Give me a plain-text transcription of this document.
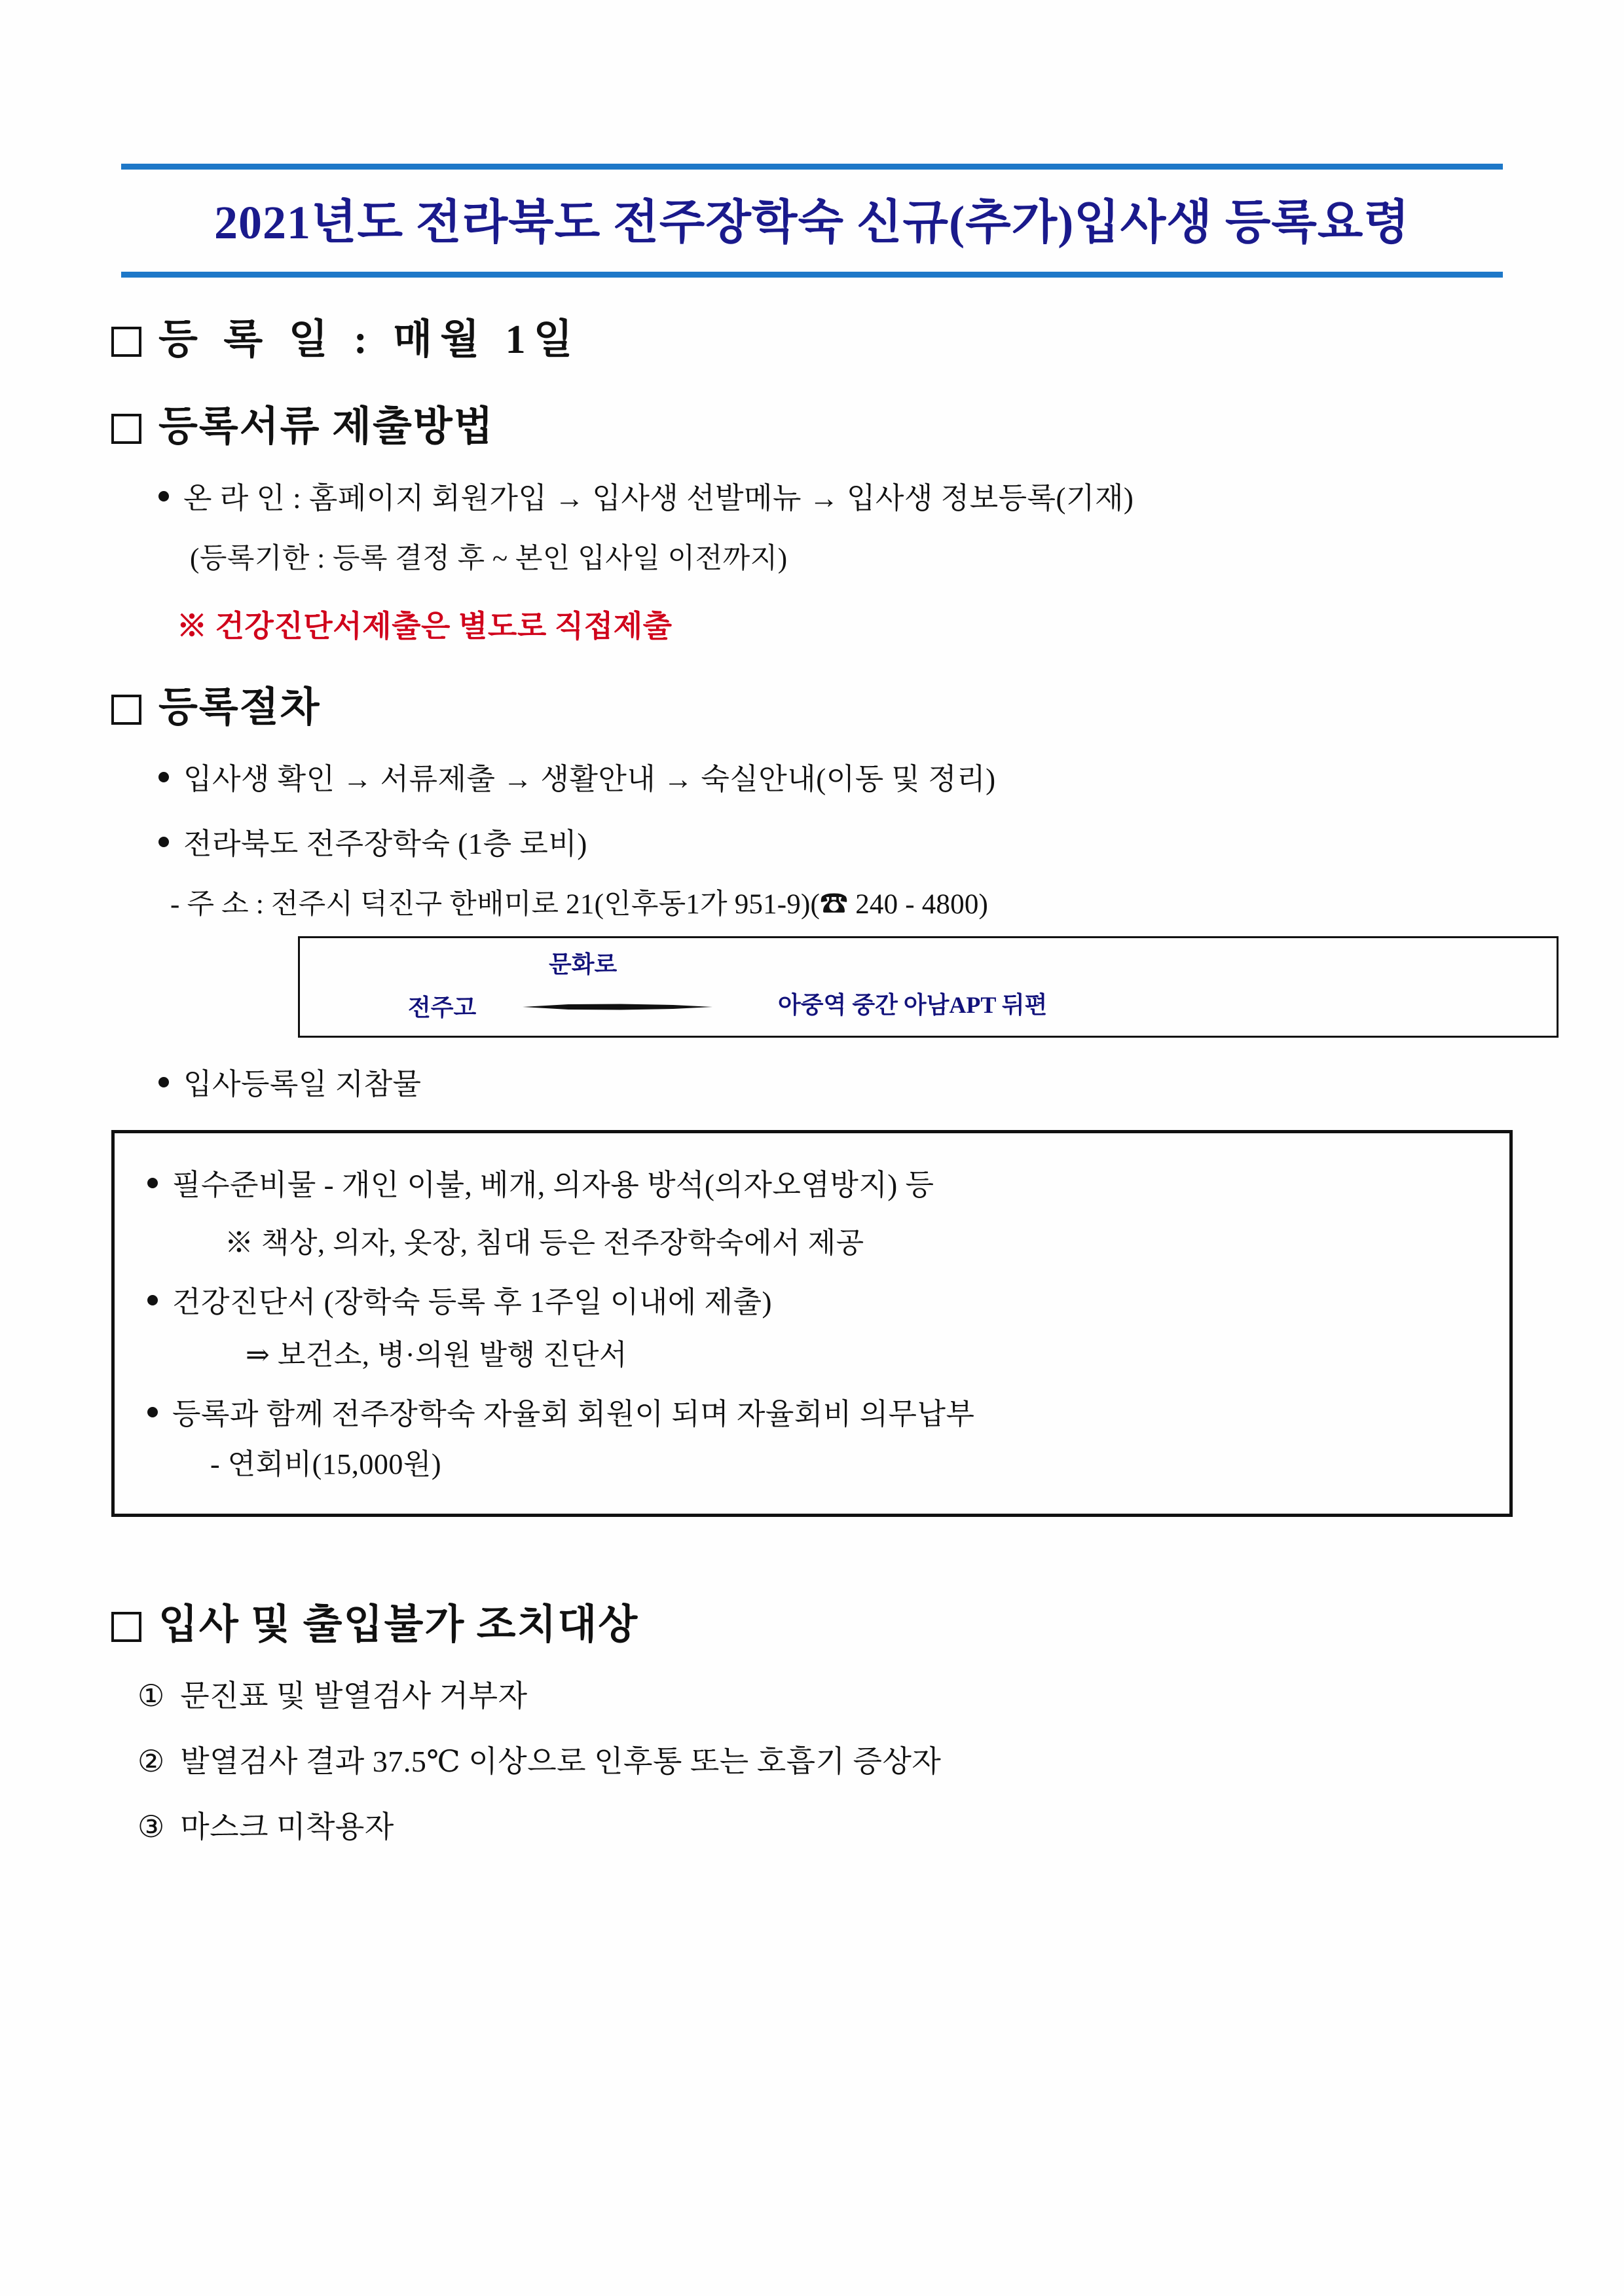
2021년도 전라북도 전주장학숙 신규(추가)입사생 등록요령
등 록 일 : 매월 1일
등록서류 제출방법
온 라 인 : 홈페이지 회원가입 → 입사생 선발메뉴 → 입사생 정보등록(기재)
(등록기한 : 등록 결정 후 ~ 본인 입사일 이전까지)
※ 건강진단서제출은 별도로 직접제출
등록절차
입사생 확인 → 서류제출 → 생활안내 → 숙실안내(이동 및 정리)
전라북도 전주장학숙 (1층 로비)
- 주 소 : 전주시 덕진구 한배미로 21(인후동1가 951-9)(☎ 240 - 4800)
전주고
문화로
아중역 중간 아남APT 뒤편
입사등록일 지참물
필수준비물 - 개인 이불, 베개, 의자용 방석(의자오염방지) 등
※ 책상, 의자, 옷장, 침대 등은 전주장학숙에서 제공
건강진단서 (장학숙 등록 후 1주일 이내에 제출)
⇒ 보건소, 병·의원 발행 진단서
등록과 함께 전주장학숙 자율회 회원이 되며 자율회비 의무납부
- 연회비(15,000원)
입사 및 출입불가 조치대상
① 문진표 및 발열검사 거부자
② 발열검사 결과 37.5℃ 이상으로 인후통 또는 호흡기 증상자
③ 마스크 미착용자
